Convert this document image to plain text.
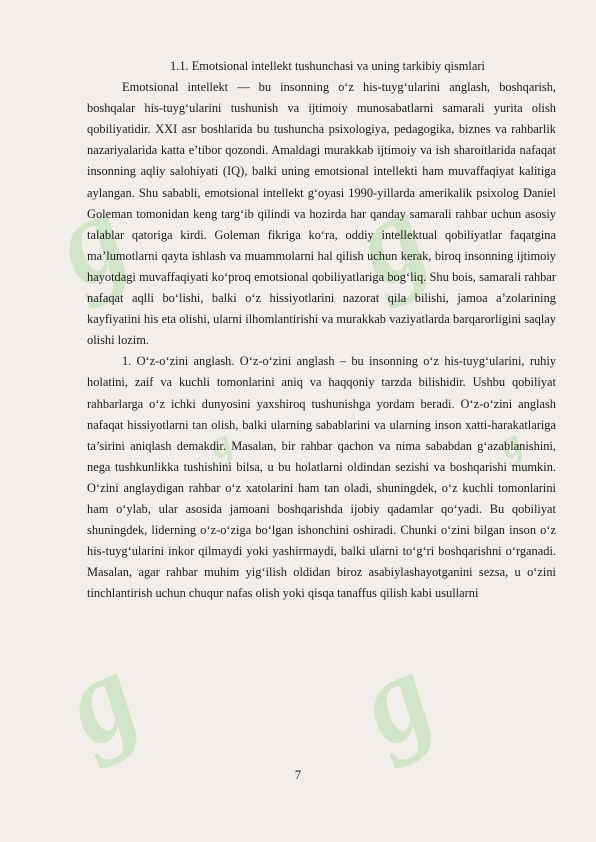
g g
g g
g	g

1.1. Emotsional intellekt tushunchasi va uning tarkibiy qismlari

Emotsional intellekt — bu insonning o‘z his-tuyg‘ularini anglash, boshqarish, boshqalar his-tuyg‘ularini tushunish va ijtimoiy munosabatlarni samarali yurita olish qobiliyatidir. XXI asr boshlarida bu tushuncha psixologiya, pedagogika, biznes va rahbarlik nazariyalarida katta e’tibor qozondi. Amaldagi murakkab ijtimoiy va ish sharoitlarida nafaqat insonning aqliy salohiyati (IQ), balki uning emotsional intellekti ham muvaffaqiyat kalitiga aylangan. Shu sababli, emotsional intellekt g‘oyasi 1990-yillarda amerikalik psixolog Daniel Goleman tomonidan keng targ‘ib qilindi va hozirda har qanday samarali rahbar uchun asosiy talablar qatoriga kirdi. Goleman fikriga ko‘ra, oddiy intellektual qobiliyatlar faqatgina ma’lumotlarni qayta ishlash va muammolarni hal qilish uchun kerak, biroq insonning ijtimoiy hayotdagi muvaffaqiyati ko‘proq emotsional qobiliyatlariga bog‘liq. Shu bois, samarali rahbar nafaqat aqlli bo‘lishi, balki o‘z hissiyotlarini nazorat qila bilishi, jamoa a’zolarining kayfiyatini his eta olishi, ularni ilhomlantirishi va murakkab vaziyatlarda barqarorligini saqlay olishi lozim.

1. O‘z-o‘zini anglash. O‘z-o‘zini anglash – bu insonning o‘z his-tuyg‘ularini, ruhiy holatini, zaif va kuchli tomonlarini aniq va haqqoniy tarzda bilishidir. Ushbu qobiliyat rahbarlarga o‘z ichki dunyosini yaxshiroq tushunishga yordam beradi. O‘z-o‘zini anglash nafaqat hissiyotlarni tan olish, balki ularning sabablarini va ularning inson xatti-harakatlariga ta’sirini aniqlash demakdir. Masalan, bir rahbar qachon va nima sababdan g‘azablanishini, nega tushkunlikka tushishini bilsa, u bu holatlarni oldindan sezishi va boshqarishi mumkin. O‘zini anglaydigan rahbar o‘z xatolarini ham tan oladi, shuningdek, o‘z kuchli tomonlarini ham o‘ylab, ular asosida jamoani boshqarishda ijobiy qadamlar qo‘yadi. Bu qobiliyat shuningdek, liderning o‘z-o‘ziga bo‘lgan ishonchini oshiradi. Chunki o‘zini bilgan inson o‘z his-tuyg‘ularini inkor qilmaydi yoki yashirmaydi, balki ularni to‘g‘ri boshqarishni o‘rganadi. Masalan, agar rahbar muhim yig‘ilish oldidan biroz asabiylashayotganini sezsa, u o‘zini tinchlantirish uchun chuqur nafas olish yoki qisqa tanaffus qilish kabi usullarni

7
